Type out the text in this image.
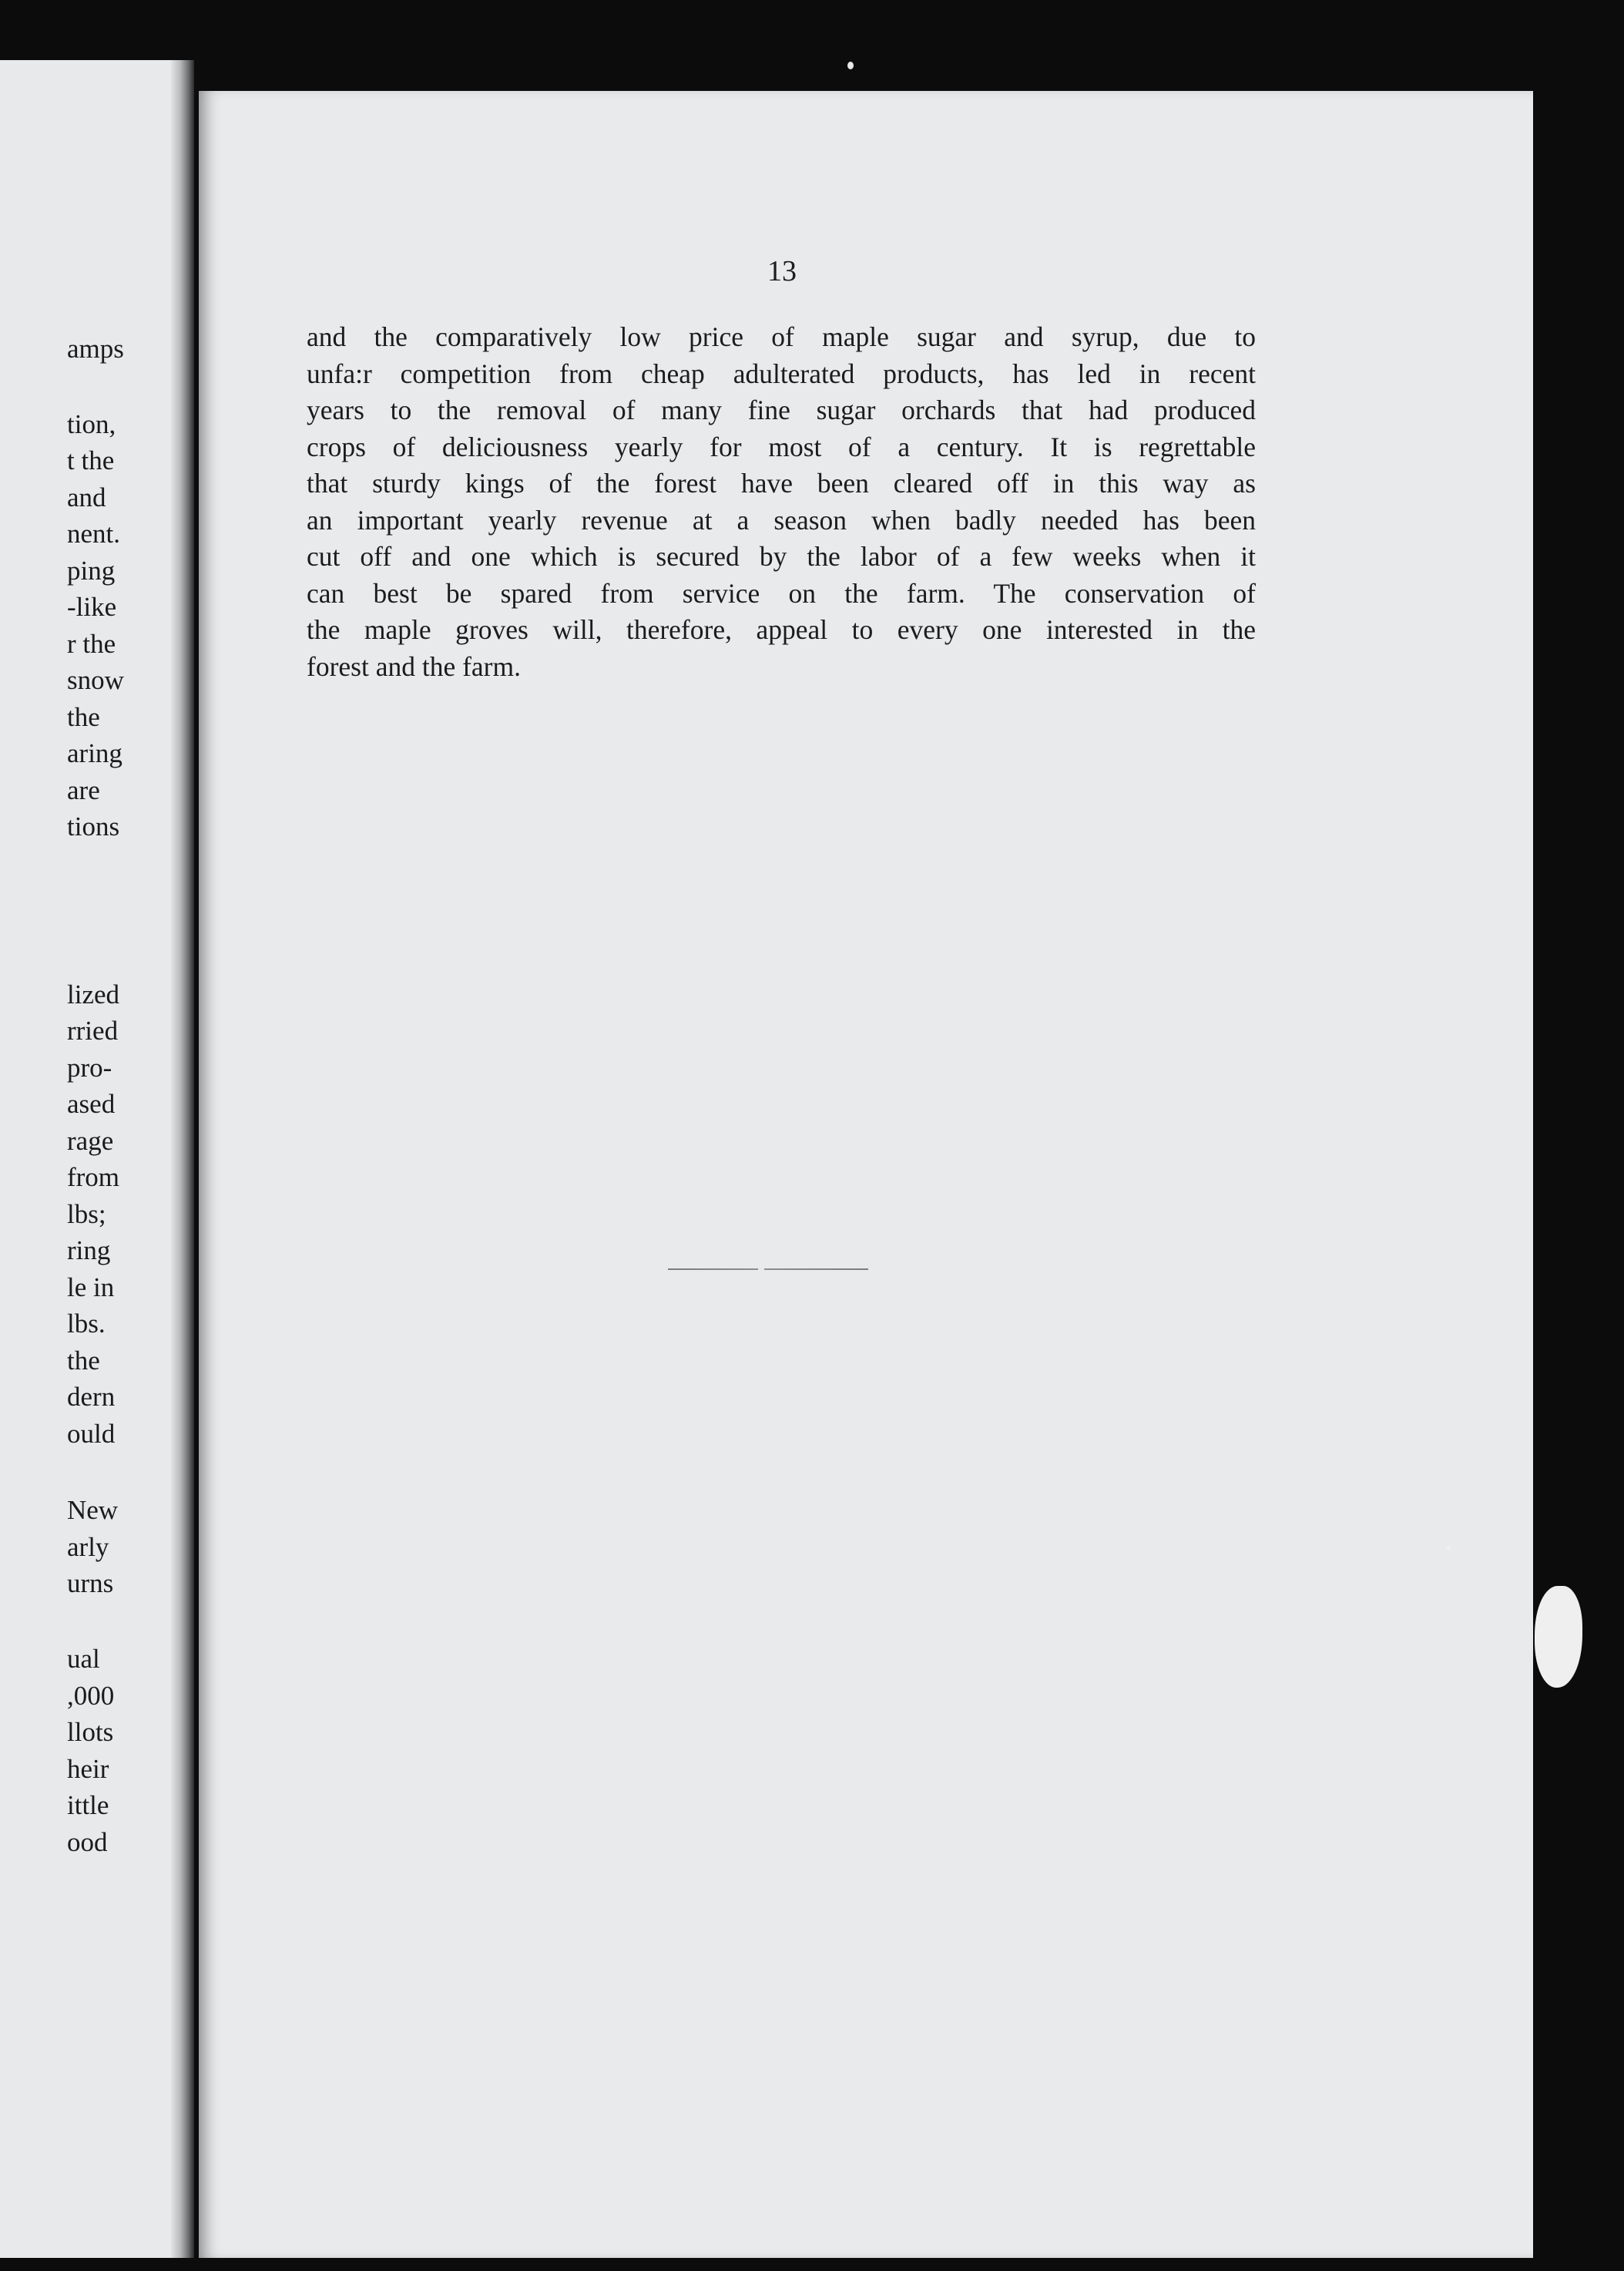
amps
tion,
t the
and
nent.
ping
-like
r the
snow
the
aring
are
tions
lized
rried
pro-
ased
rage
from
lbs;
ring
le in
lbs.
the
dern
ould
New
arly
urns
ual
,000
llots
heir
ittle
ood
13
and the comparatively low price of maple sugar and syrup, due to
unfa:r competition from cheap adulterated products, has led in recent
years to the removal of many fine sugar orchards that had produced
crops of deliciousness yearly for most of a century. It is regrettable
that sturdy kings of the forest have been cleared off in this way as
an important yearly revenue at a season when badly needed has been
cut off and one which is secured by the labor of a few weeks when it
can best be spared from service on the farm. The conservation of
the maple groves will, therefore, appeal to every one interested in the
forest and the farm.
